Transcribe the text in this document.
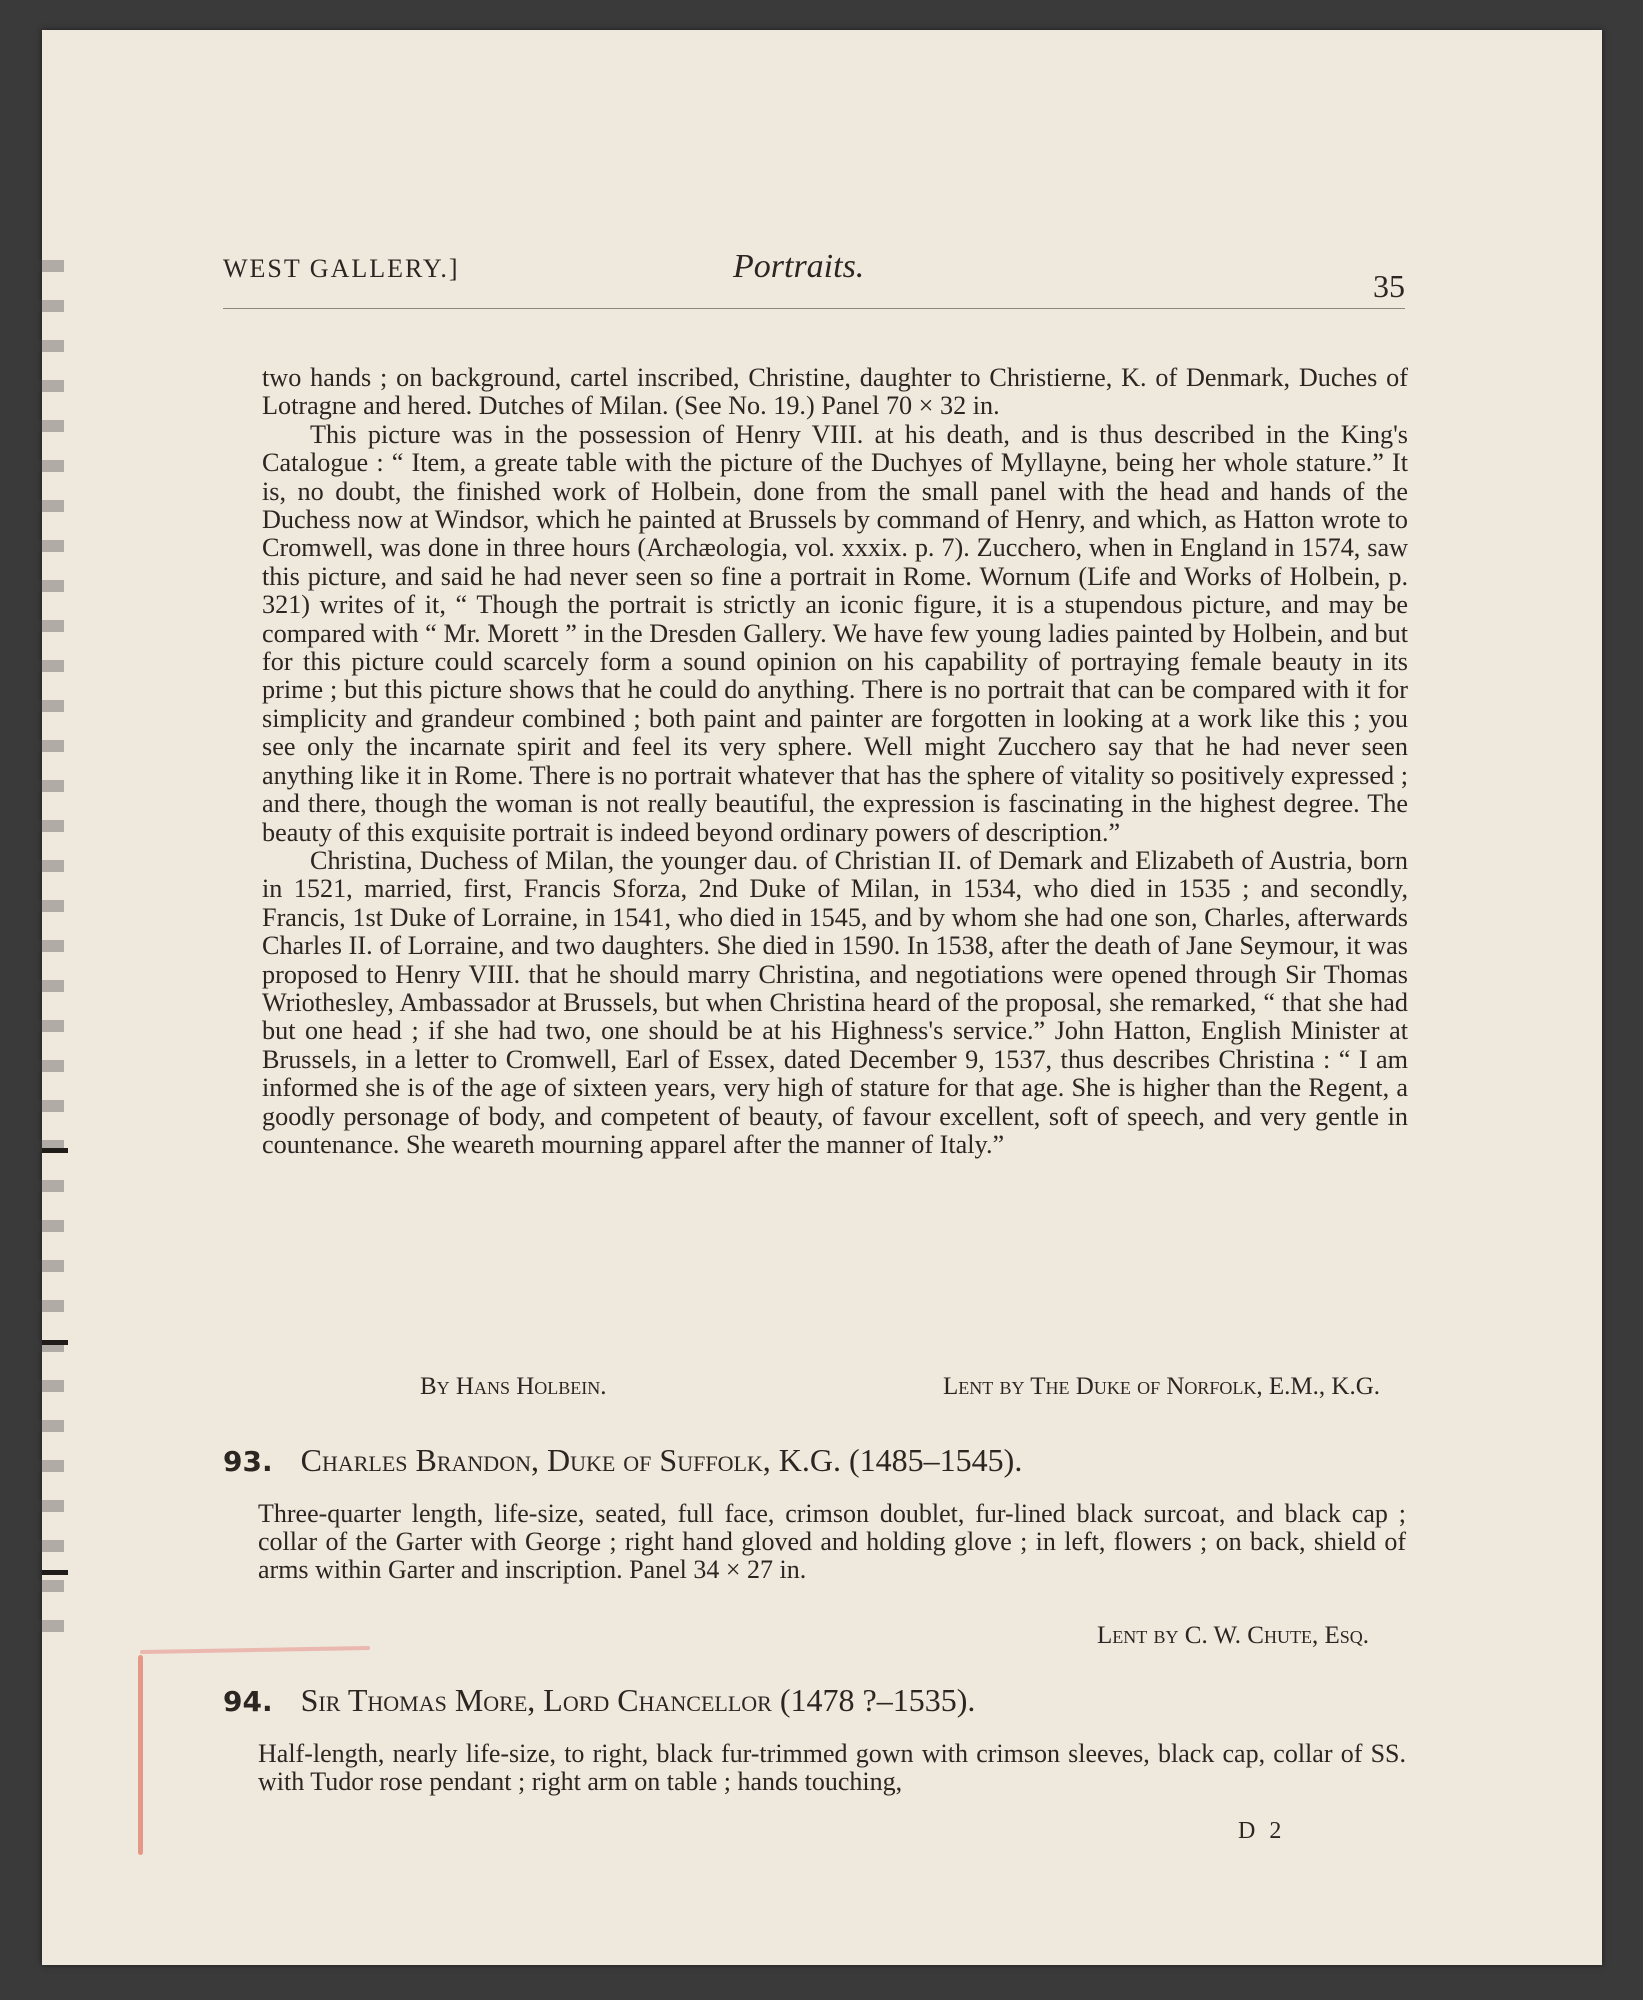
WEST GALLERY.]	Portraits.
35

two hands ; on background, cartel inscribed, Christine, daughter to Christierne, K. of Denmark, Duches of Lotragne and hered. Dutches of Milan. (See No. 19.) Panel 70 × 32 in.

This picture was in the possession of Henry VIII. at his death, and is thus described in the King's Catalogue : “ Item, a greate table with the picture of the Duchyes of Myllayne, being her whole stature.” It is, no doubt, the finished work of Holbein, done from the small panel with the head and hands of the Duchess now at Windsor, which he painted at Brussels by command of Henry, and which, as Hatton wrote to Cromwell, was done in three hours (Archæologia, vol. xxxix. p. 7). Zucchero, when in England in 1574, saw this picture, and said he had never seen so fine a portrait in Rome. Wornum (Life and Works of Holbein, p. 321) writes of it, “ Though the portrait is strictly an iconic figure, it is a stupendous picture, and may be compared with “ Mr. Morett ” in the Dresden Gallery. We have few young ladies painted by Holbein, and but for this picture could scarcely form a sound opinion on his capability of portraying female beauty in its prime ; but this picture shows that he could do anything. There is no portrait that can be compared with it for simplicity and grandeur combined ; both paint and painter are forgotten in looking at a work like this ; you see only the incarnate spirit and feel its very sphere. Well might Zucchero say that he had never seen anything like it in Rome. There is no portrait whatever that has the sphere of vitality so positively expressed ; and there, though the woman is not really beautiful, the expression is fascinating in the highest degree. The beauty of this exquisite portrait is indeed beyond ordinary powers of description.”

Christina, Duchess of Milan, the younger dau. of Christian II. of Demark and Elizabeth of Austria, born in 1521, married, first, Francis Sforza, 2nd Duke of Milan, in 1534, who died in 1535 ; and secondly, Francis, 1st Duke of Lorraine, in 1541, who died in 1545, and by whom she had one son, Charles, afterwards Charles II. of Lorraine, and two daughters. She died in 1590. In 1538, after the death of Jane Seymour, it was proposed to Henry VIII. that he should marry Christina, and negotiations were opened through Sir Thomas Wriothesley, Ambassador at Brussels, but when Christina heard of the proposal, she remarked, “ that she had but one head ; if she had two, one should be at his Highness's service.” John Hatton, English Minister at Brussels, in a letter to Cromwell, Earl of Essex, dated December 9, 1537, thus describes Christina : “ I am informed she is of the age of sixteen years, very high of stature for that age. She is higher than the Regent, a goodly personage of body, and competent of beauty, of favour excellent, soft of speech, and very gentle in countenance. She weareth mourning apparel after the manner of Italy.”

By Hans Holbein.	Lent by The Duke of Norfolk, E.M., K.G.
93. Charles Brandon, Duke of Suffolk, K.G. (1485–1545).
Three-quarter length, life-size, seated, full face, crimson doublet, fur-lined black surcoat, and black cap ; collar of the Garter with George ; right hand gloved and holding glove ; in left, flowers ; on back, shield of arms within Garter and inscription. Panel 34 × 27 in.
Lent by C. W. Chute, Esq.
94. Sir Thomas More, Lord Chancellor (1478 ?–1535).
Half-length, nearly life-size, to right, black fur-trimmed gown with crimson sleeves, black cap, collar of SS. with Tudor rose pendant ; right arm on table ; hands touching,
D 2
